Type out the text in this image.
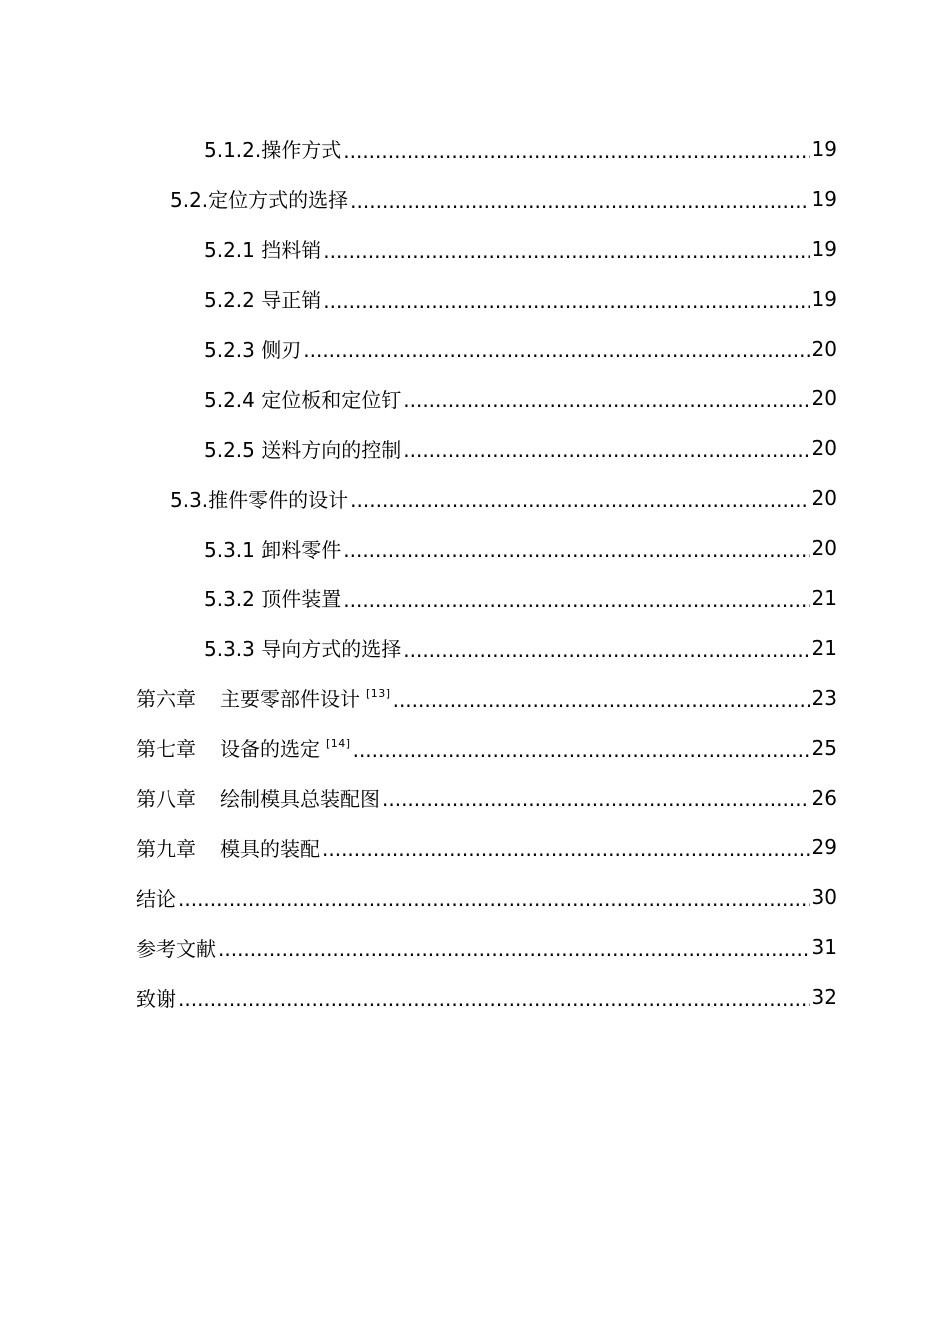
5.1.2.操作方式 .....	19
5.2.定位方式的选择 .....	19
5.2.1 挡料销 .....	19
5.2.2 导正销 .....	19
5.2.3 侧刃 .....	20
5.2.4 定位板和定位钉 .....	20
5.2.5 送料方向的控制 .....	20
5.3.推件零件的设计 .....	20
5.3.1 卸料零件 .....	20
5.3.2 顶件装置 .....	21
5.3.3 导向方式的选择 .....	21
第六章 主要零部件设计 [13] .....	23
第七章 设备的选定 [14] .....	25
第八章 绘制模具总装配图 .....	26
第九章 模具的装配 .....	29
结论 .....	30
参考文献 .....	31
致谢 .....	32
